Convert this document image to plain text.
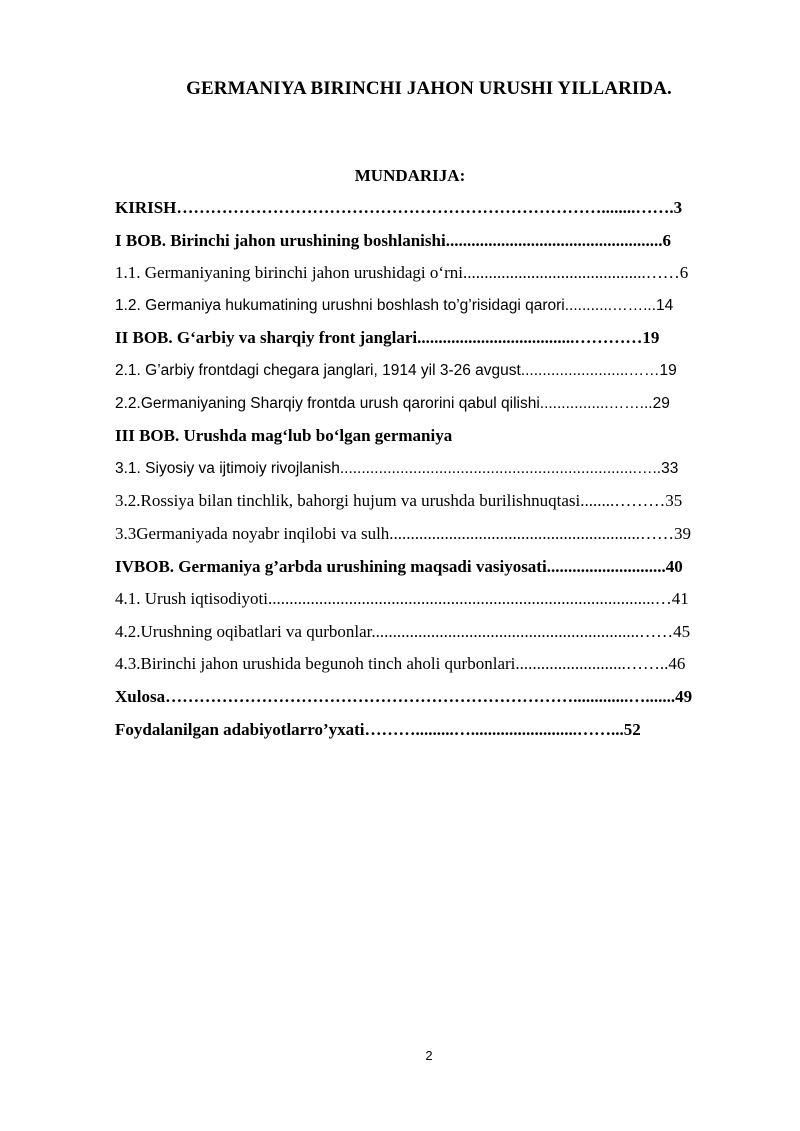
GERMANIYA BIRINCHI JAHON URUSHI YILLARIDA.
MUNDARIJA:
KIRISH…………………………………………………………………........…….3
I BOB. Birinchi jahon urushining boshlanishi...................................................6
1.1. Germaniyaning birinchi jahon urushidagi o‘rni...........................................……6
1.2. Germaniya hukumatining urushni boshlash to’g’risidagi qarori...........……...14
II BOB. G‘arbiy va sharqiy front janglari.....................................…………19
2.1. G’arbiy frontdagi chegara janglari, 1914 yil 3-26 avgust.........................……19
2.2.Germaniyaning Sharqiy frontda urush qarorini qabul qilishi................……...29
III BOB. Urushda mag‘lub bo‘lgan germaniya
3.1. Siyosiy va ijtimoiy rivojlanish.....................................................................…..33
3.2.Rossiya bilan tinchlik, bahorgi hujum va urushda burilishnuqtasi........………35
3.3Germaniyada noyabr inqilobi va sulh...........................................................……39
IVBOB. Germaniya g’arbda urushining maqsadi vasiyosati............................40
4.1. Urush iqtisodiyoti...........................................................................................…41
4.2.Urushning oqibatlari va qurbonlar...............................................................……45
4.3.Birinchi jahon urushida begunoh tinch aholi qurbonlari..........................……..46
Xulosa……………………………………………………………….............….......49
Foydalanilgan adabiyotlarro’yxati……….........….........................……...52
2
